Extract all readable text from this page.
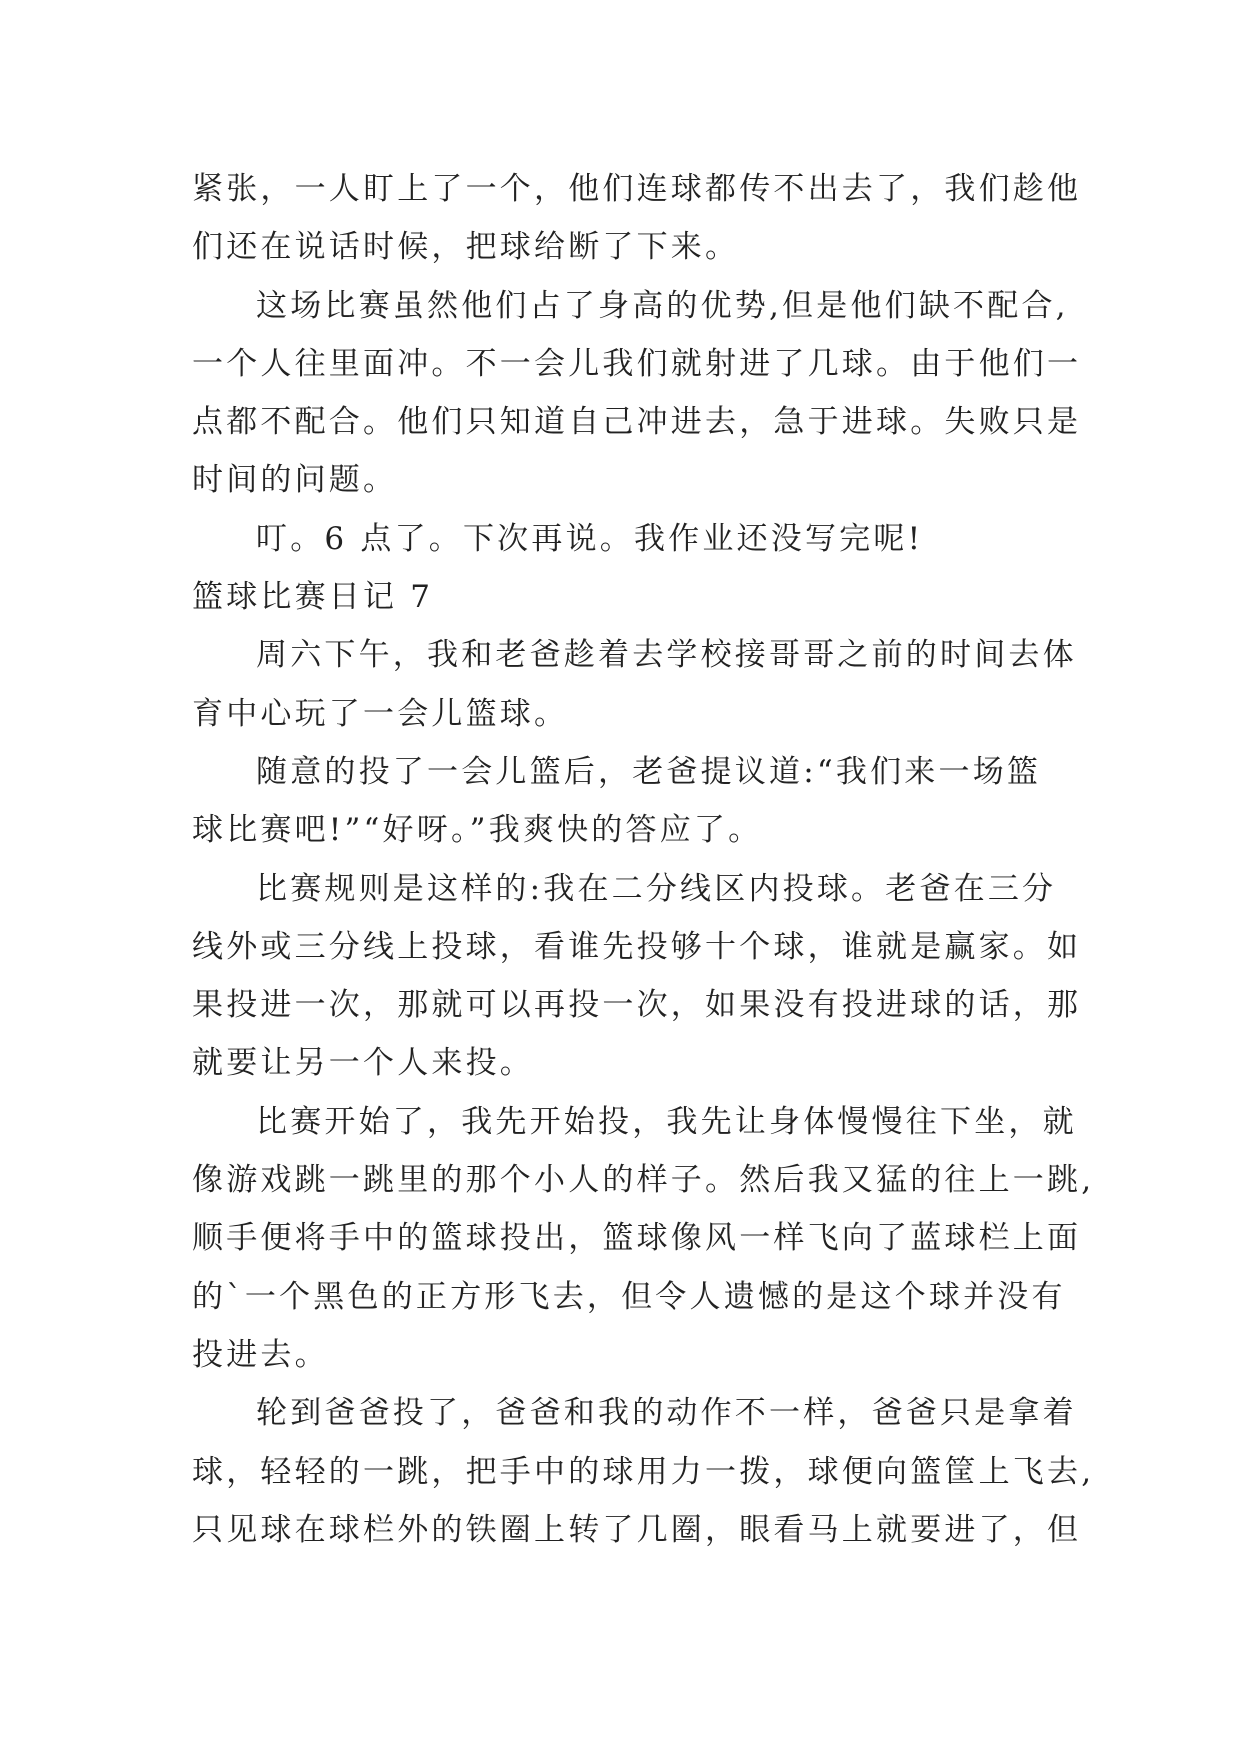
紧张，一人盯上了一个，他们连球都传不出去了，我们趁他
们还在说话时候，把球给断了下来。

这场比赛虽然他们占了身高的优势,但是他们缺不配合,
一个人往里面冲。不一会儿我们就射进了几球。由于他们一
点都不配合。他们只知道自己冲进去，急于进球。失败只是
时间的问题。

叮。6 点了。下次再说。我作业还没写完呢!

篮球比赛日记 7

周六下午，我和老爸趁着去学校接哥哥之前的时间去体
育中心玩了一会儿篮球。

随意的投了一会儿篮后，老爸提议道:“我们来一场篮
球比赛吧!”“好呀。”我爽快的答应了。

比赛规则是这样的:我在二分线区内投球。老爸在三分
线外或三分线上投球，看谁先投够十个球，谁就是赢家。如
果投进一次，那就可以再投一次，如果没有投进球的话，那
就要让另一个人来投。

比赛开始了，我先开始投，我先让身体慢慢往下坐，就
像游戏跳一跳里的那个小人的样子。然后我又猛的往上一跳,
顺手便将手中的篮球投出，篮球像风一样飞向了蓝球栏上面
的`一个黑色的正方形飞去，但令人遗憾的是这个球并没有
投进去。

轮到爸爸投了，爸爸和我的动作不一样，爸爸只是拿着
球，轻轻的一跳，把手中的球用力一拨，球便向篮筐上飞去,
只见球在球栏外的铁圈上转了几圈，眼看马上就要进了，但
